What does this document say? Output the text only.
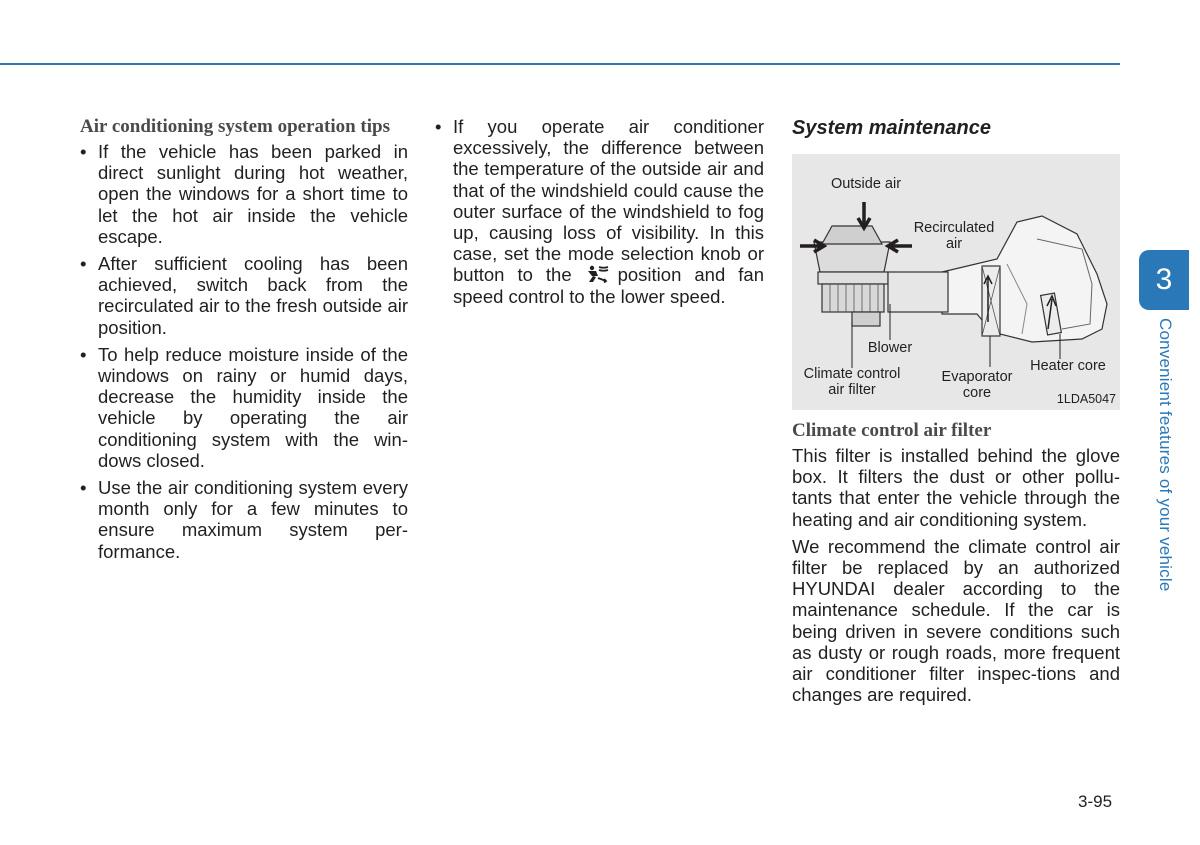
Air conditioning system operation tips
• If the vehicle has been parked in direct sunlight during hot weather, open the windows for a short time to let the hot air inside the vehicle escape.
• After sufficient cooling has been achieved, switch back from the recirculated air to the fresh outside air position.
• To help reduce moisture inside of the windows on rainy or humid days, decrease the humidity inside the vehicle by operating the air conditioning system with the win-dows closed.
• Use the air conditioning system every month only for a few minutes to ensure maximum system per-formance.
• If you operate air conditioner excessively, the difference between the temperature of the outside air and that of the windshield could cause the outer surface of the windshield to fog up, causing loss of visibility. In this case, set the mode selection knob or button to the position and fan speed control to the lower speed.
System maintenance
Outside air
Recirculated air
Blower
Climate control air filter
Evaporator core
Heater core
1LDA5047
Climate control air filter

This filter is installed behind the glove box. It filters the dust or other pollu-tants that enter the vehicle through the heating and air conditioning system.

We recommend the climate control air filter be replaced by an authorized HYUNDAI dealer according to the maintenance schedule. If the car is being driven in severe conditions such as dusty or rough roads, more frequent air conditioner filter inspec-tions and changes are required.

3
Convenient features of your vehicle
3-95
